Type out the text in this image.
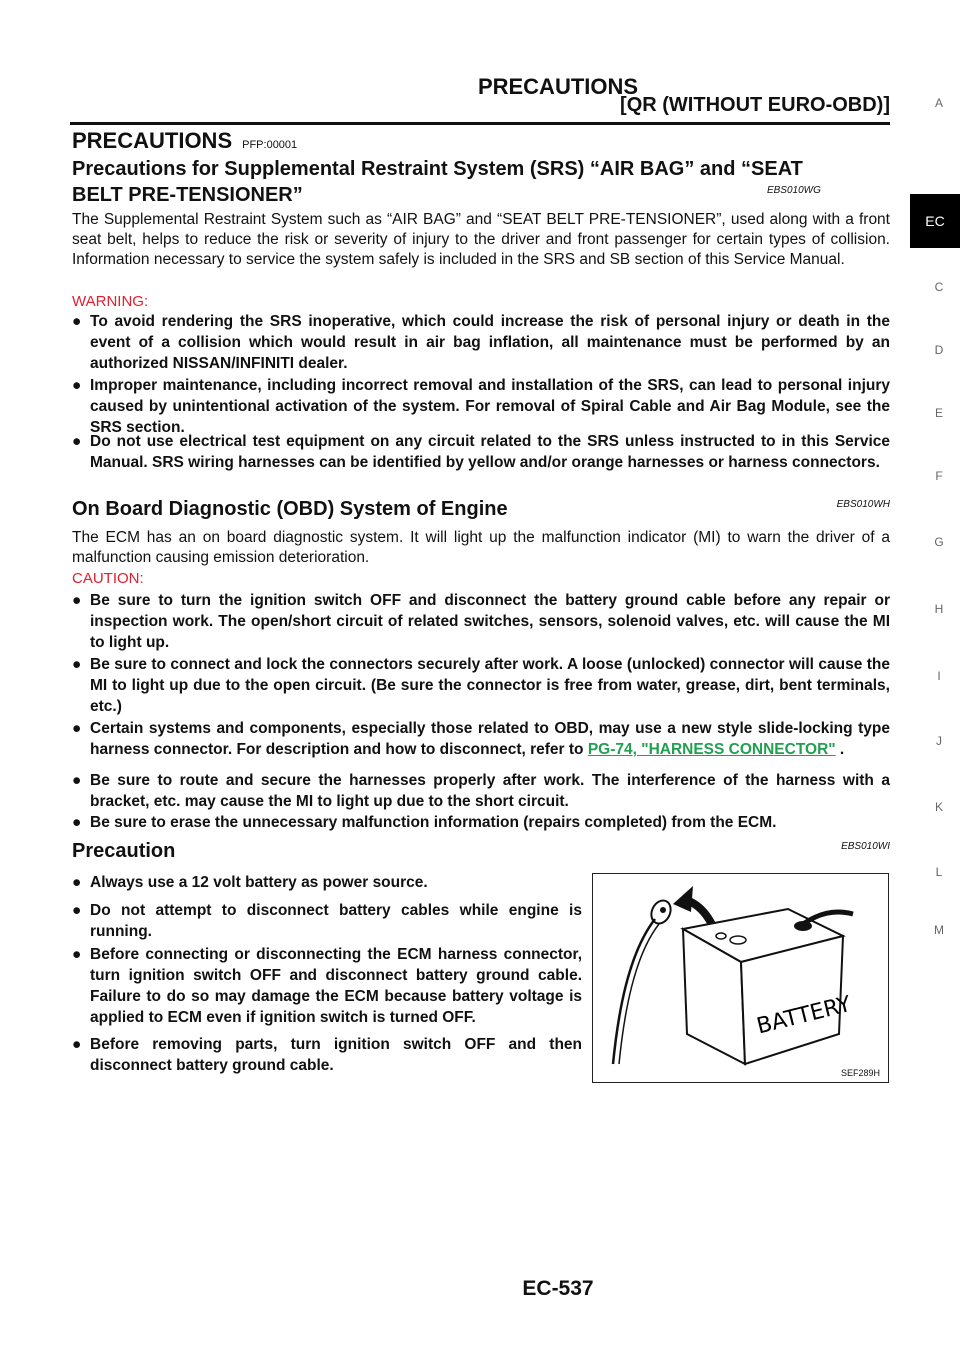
PRECAUTIONS
[QR (WITHOUT EURO-OBD)]
PRECAUTIONS PFP:00001
Precautions for Supplemental Restraint System (SRS) “AIR BAG” and “SEAT
BELT PRE-TENSIONER”	EBS010WG
The Supplemental Restraint System such as “AIR BAG” and “SEAT BELT PRE-TENSIONER”, used along with a front seat belt, helps to reduce the risk or severity of injury to the driver and front passenger for certain types of collision. Information necessary to service the system safely is included in the SRS and SB section of this Service Manual.
WARNING:
● To avoid rendering the SRS inoperative, which could increase the risk of personal injury or death in the event of a collision which would result in air bag inflation, all maintenance must be performed by an authorized NISSAN/INFINITI dealer.
● Improper maintenance, including incorrect removal and installation of the SRS, can lead to personal injury caused by unintentional activation of the system. For removal of Spiral Cable and Air Bag Module, see the SRS section.
● Do not use electrical test equipment on any circuit related to the SRS unless instructed to in this Service Manual. SRS wiring harnesses can be identified by yellow and/or orange harnesses or harness connectors.
On Board Diagnostic (OBD) System of Engine	EBS010WH
The ECM has an on board diagnostic system. It will light up the malfunction indicator (MI) to warn the driver of a malfunction causing emission deterioration.
CAUTION:
● Be sure to turn the ignition switch OFF and disconnect the battery ground cable before any repair or inspection work. The open/short circuit of related switches, sensors, solenoid valves, etc. will cause the MI to light up.
● Be sure to connect and lock the connectors securely after work. A loose (unlocked) connector will cause the MI to light up due to the open circuit. (Be sure the connector is free from water, grease, dirt, bent terminals, etc.)
● Certain systems and components, especially those related to OBD, may use a new style slide-locking type harness connector. For description and how to disconnect, refer to PG-74, "HARNESS CONNECTOR" .
● Be sure to route and secure the harnesses properly after work. The interference of the harness with a bracket, etc. may cause the MI to light up due to the short circuit.
● Be sure to erase the unnecessary malfunction information (repairs completed) from the ECM.
Precaution	EBS010WI
● Always use a 12 volt battery as power source.
● Do not attempt to disconnect battery cables while engine is running.
● Before connecting or disconnecting the ECM harness connector, turn ignition switch OFF and disconnect battery ground cable. Failure to do so may damage the ECM because battery voltage is applied to ECM even if ignition switch is turned OFF.
● Before removing parts, turn ignition switch OFF and then disconnect battery ground cable.
BATTERY
SEF289H
A
EC
C
D
E
F
G
H
I
J
K
L
M
EC-537
